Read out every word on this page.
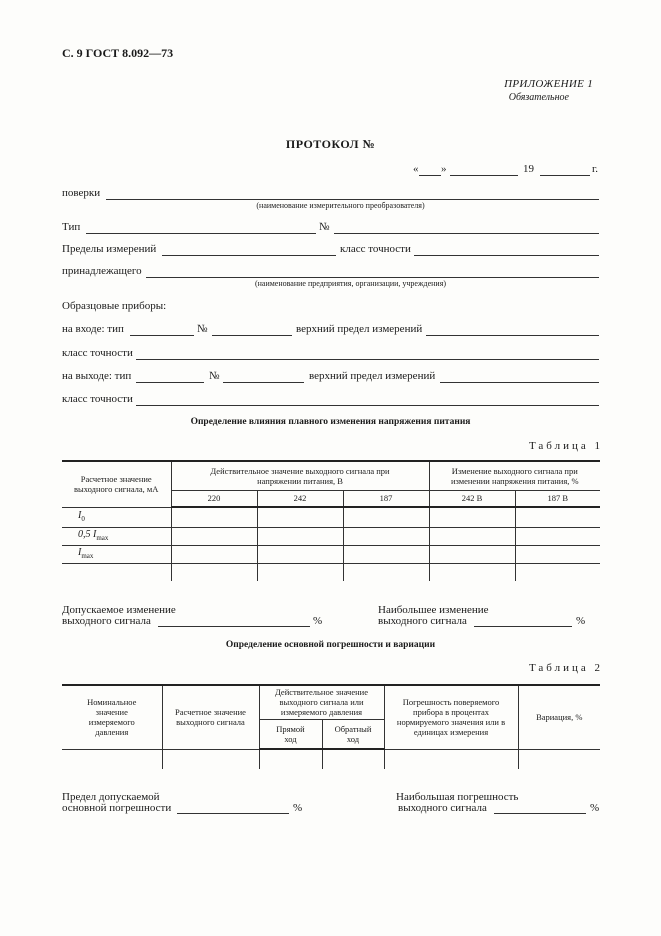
С. 9 ГОСТ 8.092—73
ПРИЛОЖЕНИЕ 1
Обязательное
ПРОТОКОЛ №
« »	19	г.
поверки
(наименование измерительного преобразователя)
Тип	№
Пределы измерений	класс точности
принадлежащего
(наименование предприятия, организации, учреждения)
Образцовые приборы:
на входе: тип	№	верхний предел измерений
класс точности
на выходе: тип	№	верхний предел измерений
класс точности
Определение влияния плавного изменения напряжения питания
Таблица 1
Расчетное значение выходного сигнала, мА	Действительное значение выходного сигнала при напряжении питания, В			Изменение выходного сигнала при изменении напряжения питания, %	
	220	242	187	242 В	187 В
$I_0$					
0,5 $I_{max}$					
$I_{max}$					

Допускаемое изменение
выходного сигнала	%
Наибольшее изменение
выходного сигнала	%
Определение основной погрешности и вариации
Таблица 2
Номинальное значение измеряемого давления	Расчетное значение выходного сигнала	Действительное значение выходного сигнала или измеряемого давления		Погрешность поверяемого прибора в процентах нормируемого значения или в единицах измерения	Вариация, %
		Прямой ход	Обратный ход		

Предел допускаемой
основной погрешности	%
Наибольшая погрешность
выходного сигнала	%
